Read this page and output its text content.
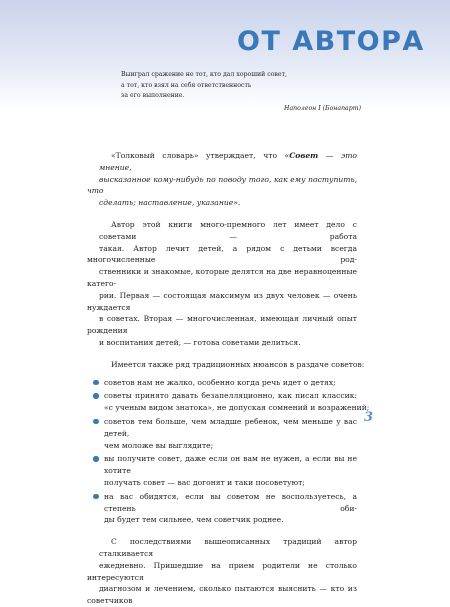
ОТ АВТОРА

Выиграл сражение не тот, кто дал хороший совет,
а тот, кто взял на себя ответственность
за его выполнение.

Наполеон I (Бонапарт)

«Толковый словарь» утверждает, что «Совет — это мнение,
высказанное кому-нибудь по поводу того, как ему поступить, что
сделать; наставление, указание».

Автор этой книги много-премного лет имеет дело с советами — работа
такая. Автор лечит детей, а рядом с детьми всегда многочисленные род-
ственники и знакомые, которые делятся на две неравноценные катего-
рии. Первая — состоящая максимум из двух человек — очень нуждается
в советах. Вторая — многочисленная, имеющая личный опыт рождения
и воспитания детей, — готова советами делиться.

Имеется также ряд традиционных нюансов в раздаче советов:

советов нам не жалко, особенно когда речь идет о детях;
советы принято давать безапелляционно, как писал классик:
«с ученым видом знатока», не допуская сомнений и возражений;
советов тем больше, чем младше ребенок, чем меньше у вас детей,
чем моложе вы выглядите;
вы получите совет, даже если он вам не нужен, а если вы не хотите
получать совет — вас догонят и таки посоветуют;
на вас обидятся, если вы советом не воспользуетесь, а степень оби-
ды будет тем сильнее, чем советчик роднее.

С последствиями вышеописанных традиций автор сталкивается
ежедневно. Пришедшие на прием родители не столько интересуются
диагнозом и лечением, сколько пытаются выяснить — кто из советчиков

3
